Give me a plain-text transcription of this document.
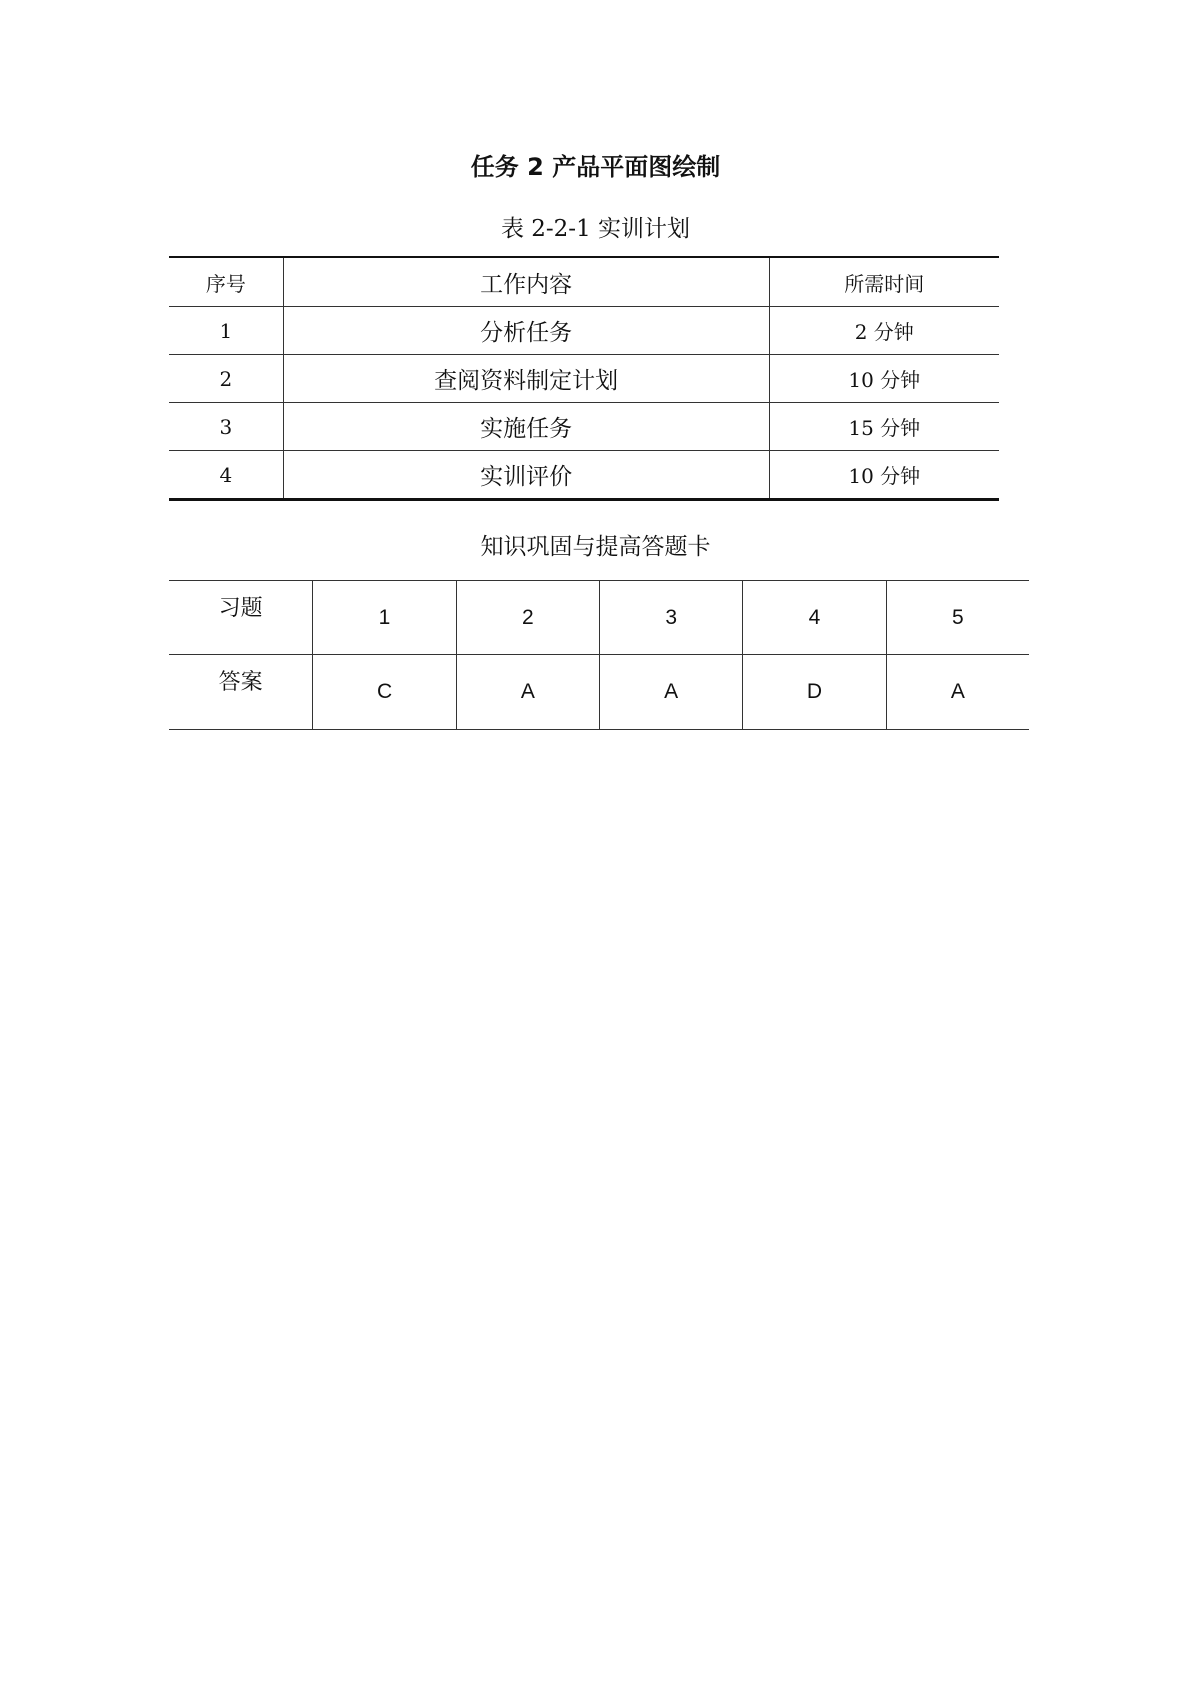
任务 2 产品平面图绘制
表 2-2-1 实训计划
序号	工作内容	所需时间
1	分析任务	2 分钟
2	查阅资料制定计划	10 分钟
3	实施任务	15 分钟
4	实训评价	10 分钟
知识巩固与提高答题卡
习题	1	2	3	4	5
答案	C	A	A	D	A
